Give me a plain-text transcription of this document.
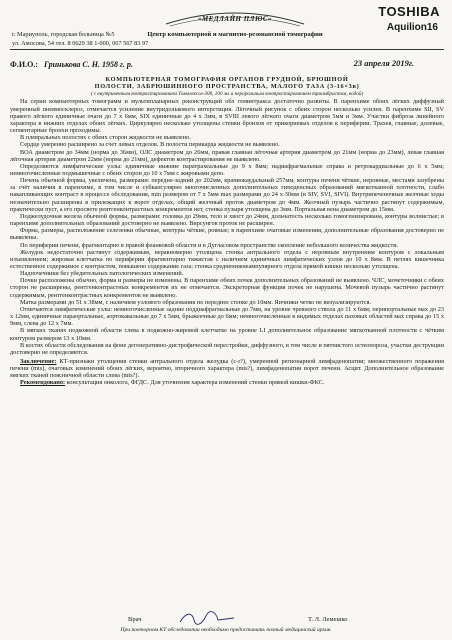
«МЕДЛАЙН ПЛЮС»
Центр компьютерной и магнитно-резонансной томографии
г. Мариуполь, городская больница №5
ул. Амосова, 54 тел. 8 0629 38 1-000, 067 567 83 97
TOSHIBA
Aquilion16
Ф.И.О.: Гринькова С. Н. 1958 г. р.	23 апреля 2019г.
КОМПЬЮТЕРНАЯ ТОМОГРАФИЯ ОРГАНОВ ГРУДНОЙ, БРЮШНОЙ
ПОЛОСТИ, ЗАБРЮШИННОГО ПРОСТРАНСТВА, МАЛОГО ТАЗА (3-16×3в)
( с внутривенным контрастированием Томогексол-300, 100 мл и пероральным контрастированием триомбрастом, водой)

На серии компьютерных томограмм и мультипланарных реконструкций обл геминтракса достаточно развиты. В паренхиме обоих лёгких диффузный умеренный пневмосклероз, отмечается усиление внутридолькового интерстиция. Лёгочный рисунок с обеих сторон несколько усилен. В паренхиме SII, SV правого лёгкого единичные очаги до 7 х 6мм, SIX единичные до 4 х 3мм, в SVIII левого лёгкого очаги диаметром 5мм и 3мм. Участки фиброза линейного характера в нижних отделах обоих лёгких. Циркулярно несколько утолщены стенки бронхов от прикорневых отделов к периферии. Трахея, главные, долевые, сегментарные бронхи проходимы.

В плевральных полостях с обеих сторон жидкости не выявлено.

Сердце умеренно расширено за счет левых отделов. В полости перикарда жидкости не выявлено.

ВОА диаметром до 34мм (норма до 36мм), ОЛС диаметром до 26мм, правая главная лёгочная артерия диаметром до 21мм (норма до 23мм), левая главная лёгочная артерия диаметром 22мм (норма до 21мм), дефектов контрастирования не выявлено.

Определяются лимфатические узлы: единичные нижние паратрахеальные до 9 х 8мм; надиафрагмальные справа и ретрокардиальные до 6 х 5мм; немногочисленные подмышечные с обеих сторон до 10 х 7мм с жировыми депо.

Печень обычной формы, увеличена, размерами: передне-задний до 202мм, краниокаудальный 257мм, контуры печени чёткие, неровные, местами зазубрены за счёт наличия в паренхиме, в том числе и субкапсулярно многочисленных дополнительных гиподенсных образований мягкотканной плотности, слабо накапливающих контраст в процессе обследования, min размером от 7 х 5мм max размерами до 24 х 30мм (в SIV, SVI, SIVI). Внутрипеченочные желчные ходы незначительно расширены в прилежащих к ворот отделах, общий желчный проток диаметром до 4мм. Желчный пузырь частично растянут содержимым, практически пуст, а его просвете рентгенконтрастных конкрементов нет, стенка пузыря утолщена до 3мм. Портальная вена диаметром до 15мм.

Поджелудочная железа обычной формы, размерами: головка до 29мм, тело и хвост до 24мм, дольчатость несколько гомогенизирована, контуры волнистые; в паренхиме дополнительных образований достоверно не выявлено. Вирсунгов проток не расширен.

Форма, размеры, расположение селезенки обычные, контуры чёткие, ровные; в паренхиме очаговые изменения, дополнительные образования достоверно не выявлены.

По периферии печени, фрагментарно в правой фланковой области и в Дугласовом пространстве скопление небольшого количества жидкости.

Желудок недостаточно растянут содержимым, неравномерно утолщена стенка антрального отдела с неровным внутренним контуром с локальным изъязвлением; жировая клетчатка по периферии фрагментарно тяжистая с наличием единичных лимфатических узлов до 10 х 8мм. В петлях кишечника естественное содержимое с контрастом, повышено содержание газа; стенка средненижнеампулярного отдела прямой кишки несколько утолщена.

Надпочечники без убедительных патологических изменений.

Почки расположены обычно, форма и размеры не изменены. В паренхиме обеих почек дополнительных образований не выявлено. ЧЛС, мочеточники с обеих сторон не расширены, рентгенконтрастных конкрементов их не отмечается. Экскреторная функция почек не нарушена. Мочевой пузырь частично растянут содержимым, рентгенконтрастных конкрементов не выявлено.

Матка размерами до 51 х 38мм, с наличием узлового образования по переднее стенке до 10мм. Яичники четко не визуализируются.

Отмечаются лимфатические узлы: немногочисленные задние поддиафрагмальные до 7мм, на уровне чревного ствола до 11 х 6мм; перипортальные мах до 23 х 12мм, единичные параортальные, аортокавальные до 7 х 5мм, брыжеечные до 6мм; немногочисленные в видимых отделах паховых областей мах справа до 15 х 9мм, слева до 12 х 7мм.

В мягких тканях подкожной области слева в подкожно-жировой клетчатке на уровне LI дополнительное образование мягкотканной плотности с чётким контуром размером 13 х 10мм.

В костях области обследования на фоне дегенеративно-дистрофической перестройки, диффузного, в том числе и пятнистого остеопороза, участки деструкции достоверно не определяются.

Заключение: КТ-признаки утолщения стенки антрального отдела желудка (с-r?), умеренной регионарной лимфаденопатии; множественного поражения печени (mts), очаговых изменений обоих лёгких, вероятно, вторичного характера (mts?), лимфаденопатии ворот печени. Асцит. Дополнительное образование мягких тканей поясничной области слева (mts?).

Рекомендовано: консультация онколога, ФГДС. Для уточнения характера изменений стенки прямой кишки-ФКС.

Врач	Т. Л. Лемешко
При повторном КТ обследовании необходимо предоставить полный медицинский архив.
